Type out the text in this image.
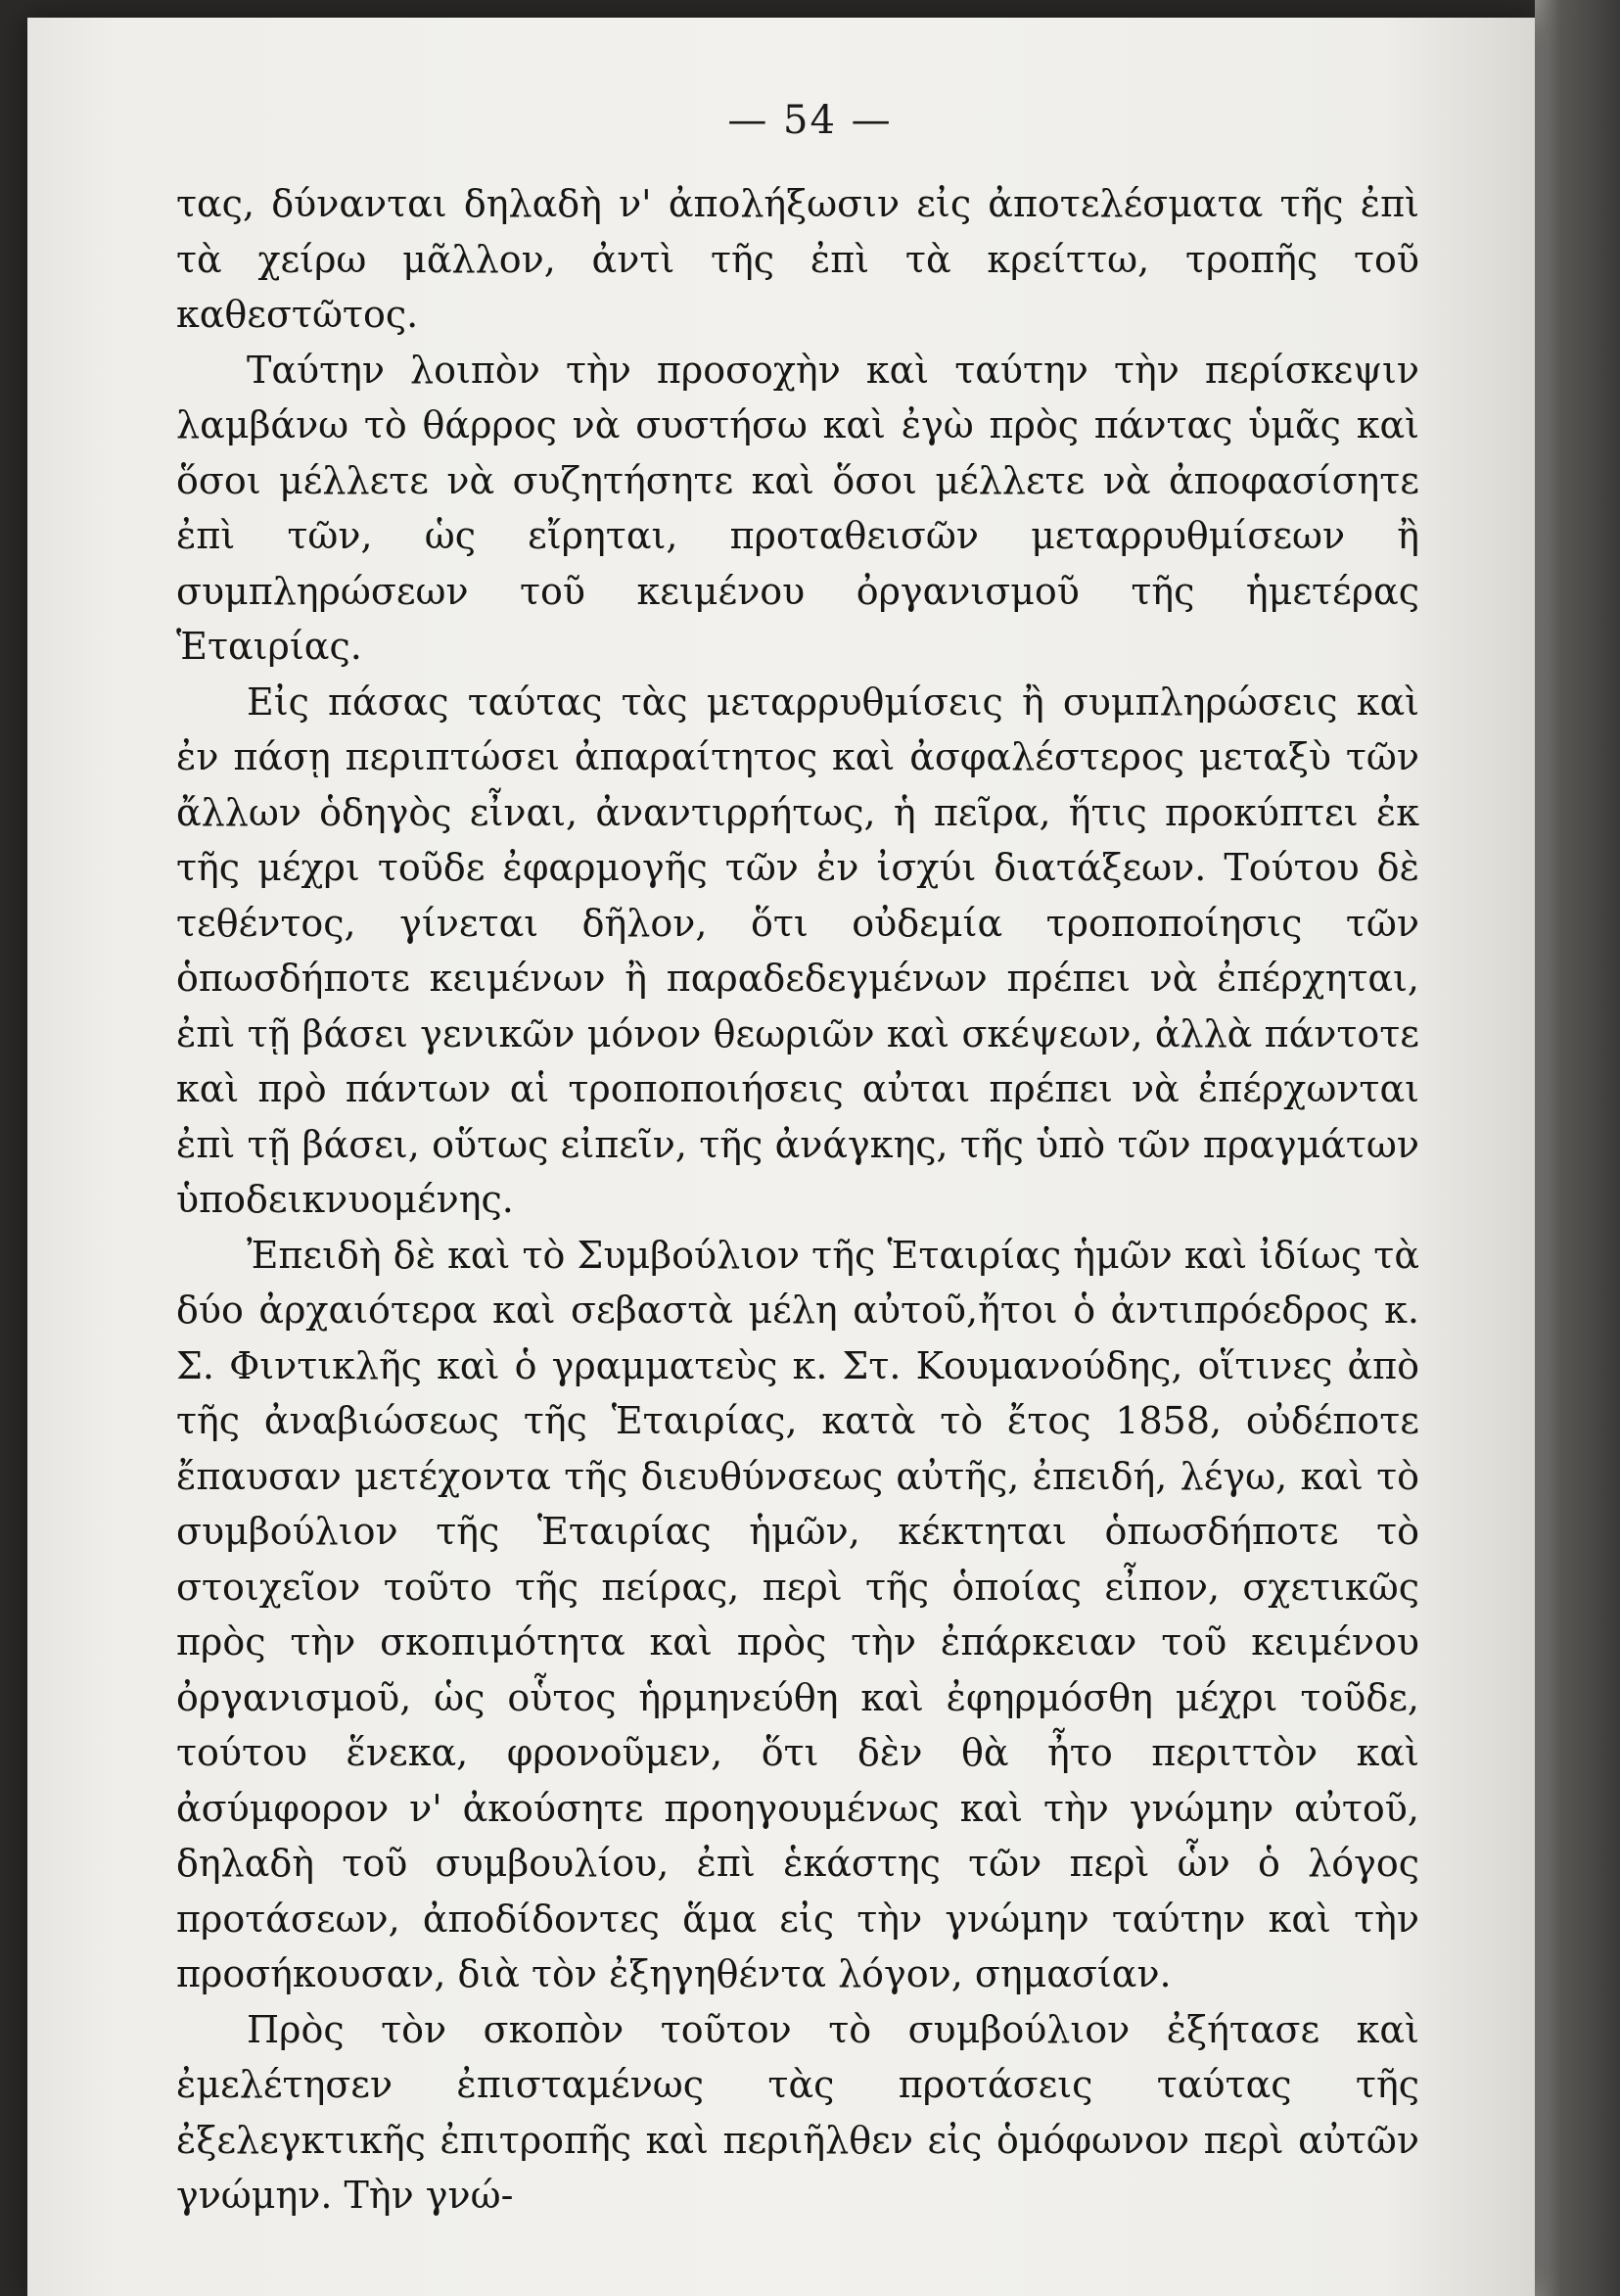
— 54 —

τας, δύνανται δηλαδὴ ν' ἀπολήξωσιν εἰς ἀποτελέσματα τῆς ἐπὶ τὰ χείρω μᾶλλον, ἀντὶ τῆς ἐπὶ τὰ κρείττω, τροπῆς τοῦ καθεστῶτος.

Ταύτην λοιπὸν τὴν προσοχὴν καὶ ταύτην τὴν περίσκεψιν λαμβάνω τὸ θάρρος νὰ συστήσω καὶ ἐγὼ πρὸς πάντας ὑμᾶς καὶ ὅσοι μέλλετε νὰ συζητήσητε καὶ ὅσοι μέλλετε νὰ ἀποφασίσητε ἐπὶ τῶν, ὡς εἴρηται, προταθεισῶν μεταρρυθμίσεων ἢ συμπληρώσεων τοῦ κειμένου ὀργανισμοῦ τῆς ἡμετέρας Ἑταιρίας.

Εἰς πάσας ταύτας τὰς μεταρρυθμίσεις ἢ συμπληρώσεις καὶ ἐν πάσῃ περιπτώσει ἀπαραίτητος καὶ ἀσφαλέστερος μεταξὺ τῶν ἄλλων ὁδηγὸς εἶναι, ἀναντιρρήτως, ἡ πεῖρα, ἥτις προκύπτει ἐκ τῆς μέχρι τοῦδε ἐφαρμογῆς τῶν ἐν ἰσχύι διατάξεων. Τούτου δὲ τεθέντος, γίνεται δῆλον, ὅτι οὐδεμία τροποποίησις τῶν ὁπωσδήποτε κειμένων ἢ παραδεδεγμένων πρέπει νὰ ἐπέρχηται, ἐπὶ τῇ βάσει γενικῶν μόνον θεωριῶν καὶ σκέψεων, ἀλλὰ πάντοτε καὶ πρὸ πάντων αἱ τροποποιήσεις αὐται πρέπει νὰ ἐπέρχωνται ἐπὶ τῇ βάσει, οὕτως εἰπεῖν, τῆς ἀνάγκης, τῆς ὑπὸ τῶν πραγμάτων ὑποδεικνυομένης.

Ἐπειδὴ δὲ καὶ τὸ Συμβούλιον τῆς Ἑταιρίας ἡμῶν καὶ ἰδίως τὰ δύο ἀρχαιότερα καὶ σεβαστὰ μέλη αὐτοῦ,ἤτοι ὁ ἀντιπρόεδρος κ. Σ. Φιντικλῆς καὶ ὁ γραμματεὺς κ. Στ. Κουμανούδης, οἵτινες ἀπὸ τῆς ἀναβιώσεως τῆς Ἑταιρίας, κατὰ τὸ ἔτος 1858, οὐδέποτε ἔπαυσαν μετέχοντα τῆς διευθύνσεως αὐτῆς, ἐπειδή, λέγω, καὶ τὸ συμβούλιον τῆς Ἑταιρίας ἡμῶν, κέκτηται ὁπωσδήποτε τὸ στοιχεῖον τοῦτο τῆς πείρας, περὶ τῆς ὁποίας εἶπον, σχετικῶς πρὸς τὴν σκοπιμότητα καὶ πρὸς τὴν ἐπάρκειαν τοῦ κειμένου ὀργανισμοῦ, ὡς οὗτος ἡρμηνεύθη καὶ ἐφηρμόσθη μέχρι τοῦδε, τούτου ἕνεκα, φρονοῦμεν, ὅτι δὲν θὰ ἦτο περιττὸν καὶ ἀσύμφορον ν' ἀκούσητε προηγουμένως καὶ τὴν γνώμην αὐτοῦ, δηλαδὴ τοῦ συμβουλίου, ἐπὶ ἑκάστης τῶν περὶ ὧν ὁ λόγος προτάσεων, ἀποδίδοντες ἅμα εἰς τὴν γνώμην ταύτην καὶ τὴν προσήκουσαν, διὰ τὸν ἐξηγηθέντα λόγον, σημασίαν.

Πρὸς τὸν σκοπὸν τοῦτον τὸ συμβούλιον ἐξήτασε καὶ ἐμελέτησεν ἐπισταμένως τὰς προτάσεις ταύτας τῆς ἐξελεγκτικῆς ἐπιτροπῆς καὶ περιῆλθεν εἰς ὁμόφωνον περὶ αὐτῶν γνώμην. Τὴν γνώ-
